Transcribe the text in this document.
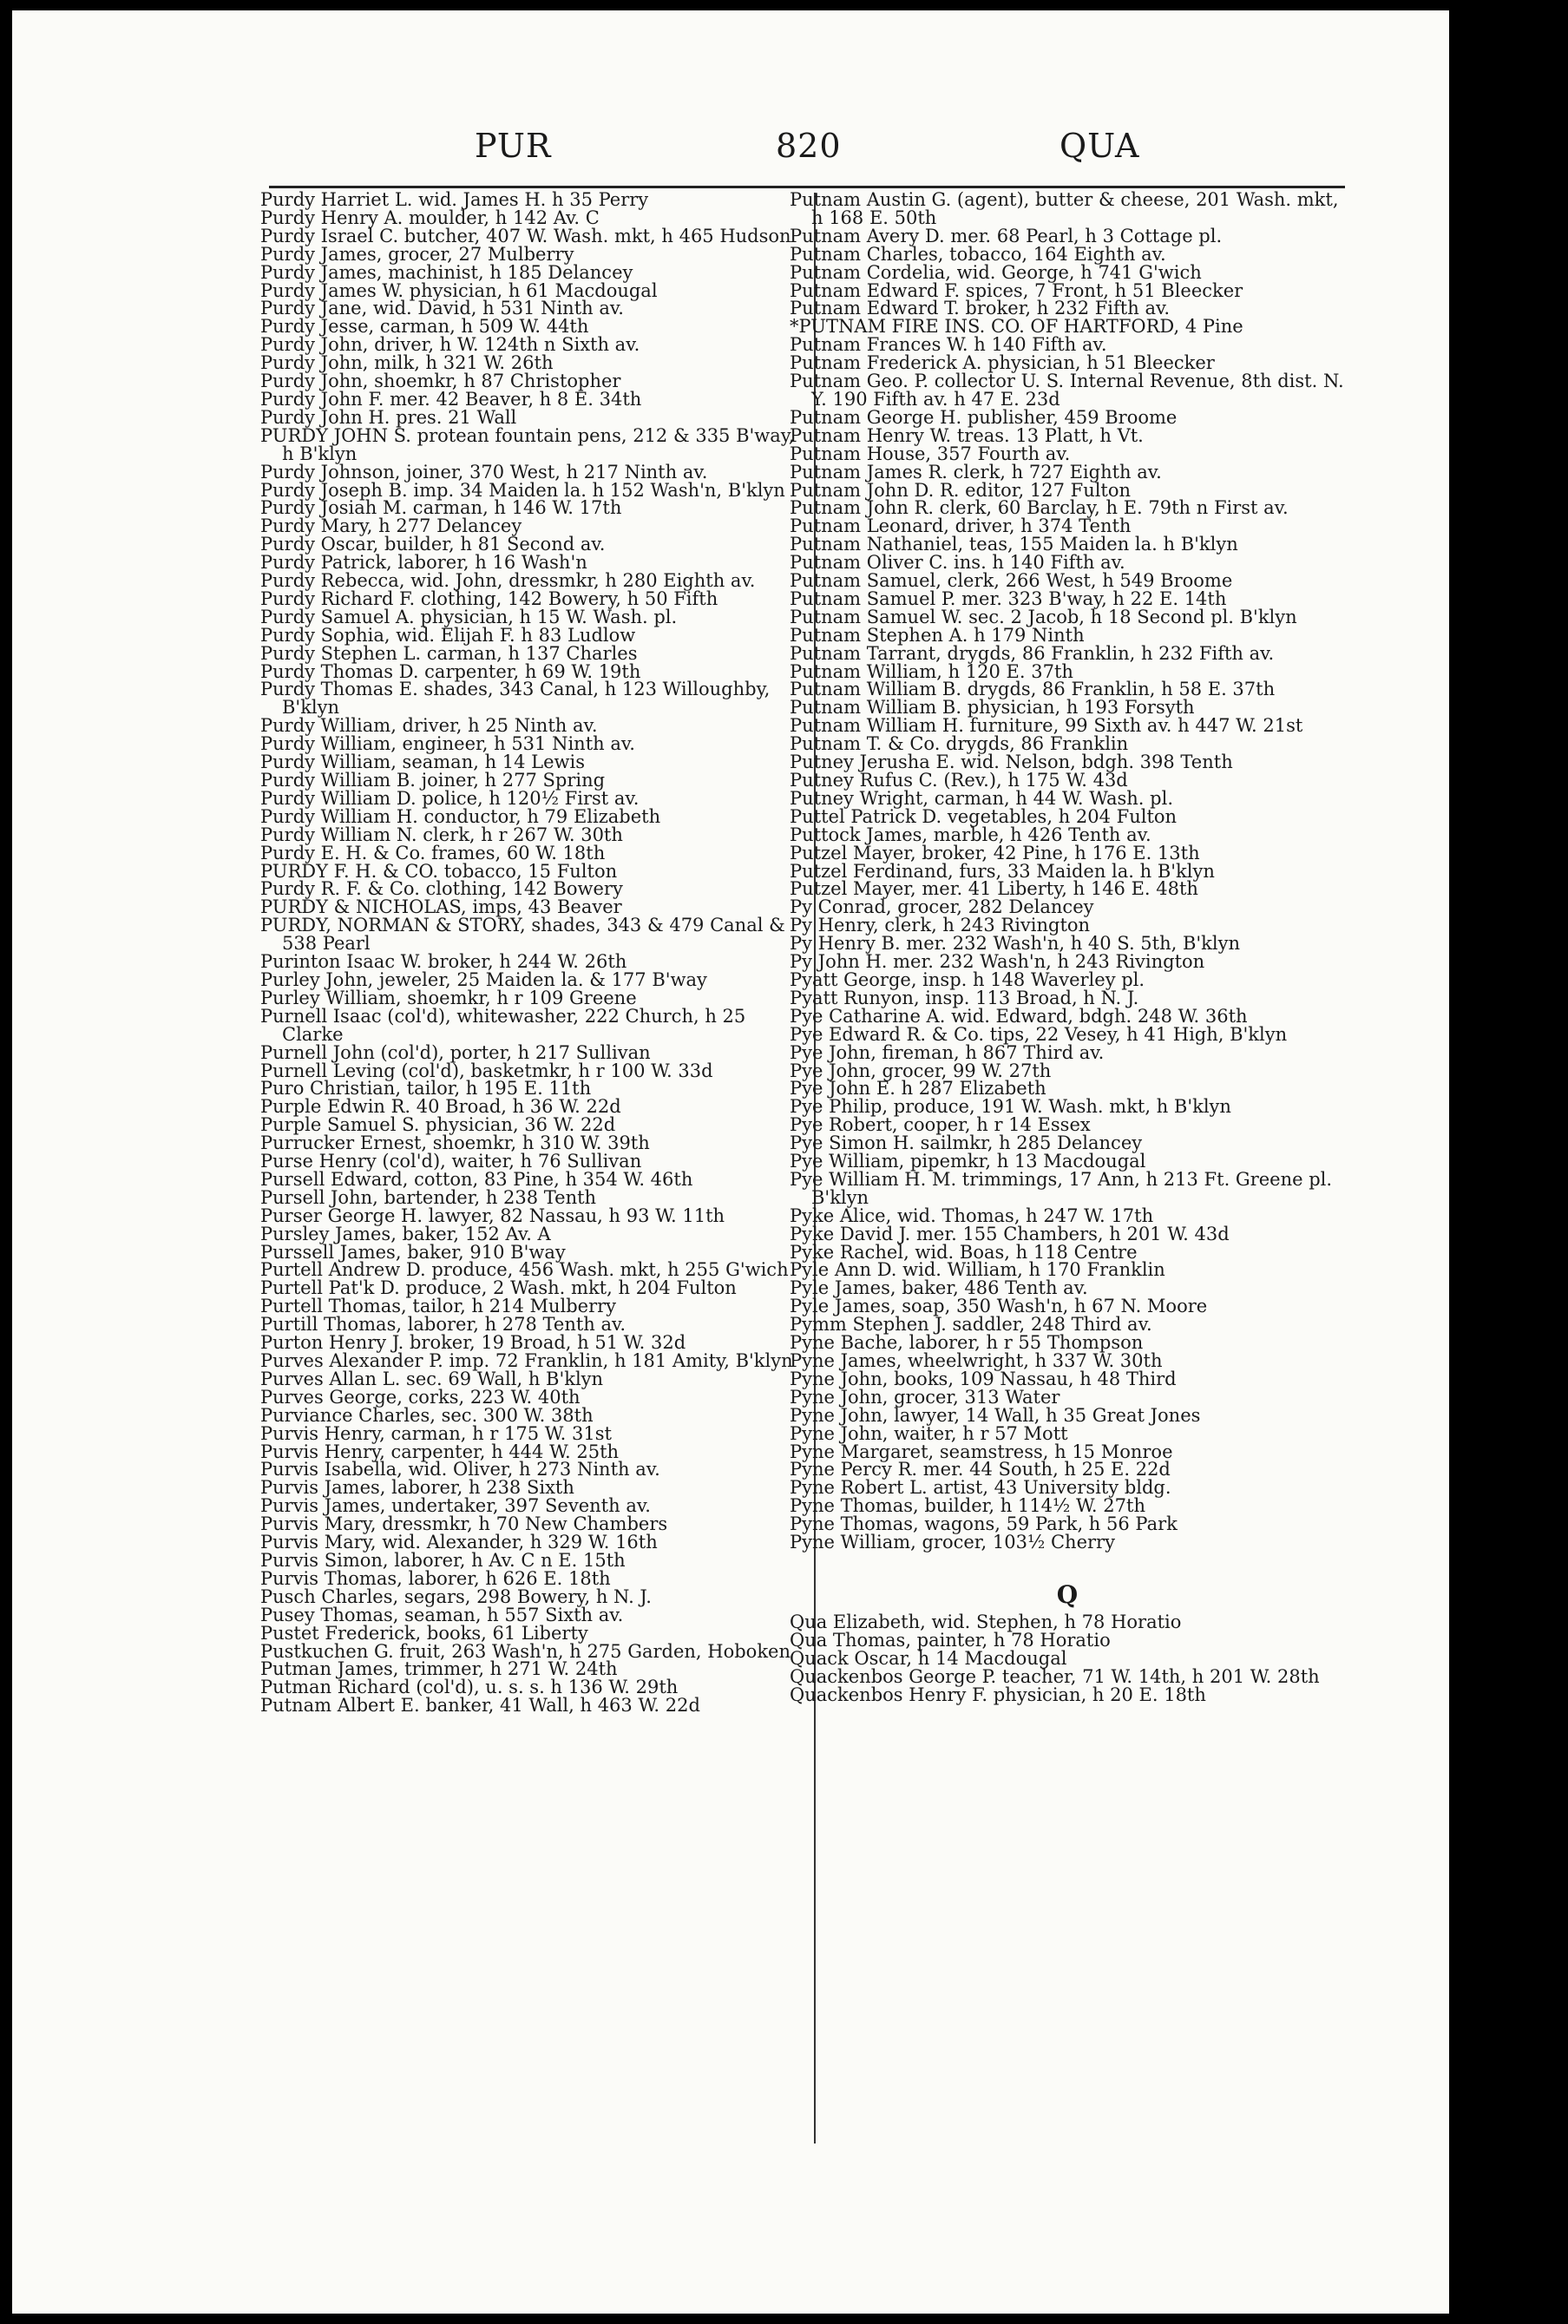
PUR	820	QUA

Purdy Harriet L. wid. James H. h 35 Perry

Purdy Henry A. moulder, h 142 Av. C

Purdy Israel C. butcher, 407 W. Wash. mkt, h 465 Hudson

Purdy James, grocer, 27 Mulberry

Purdy James, machinist, h 185 Delancey

Purdy James W. physician, h 61 Macdougal

Purdy Jane, wid. David, h 531 Ninth av.

Purdy Jesse, carman, h 509 W. 44th

Purdy John, driver, h W. 124th n Sixth av.

Purdy John, milk, h 321 W. 26th

Purdy John, shoemkr, h 87 Christopher

Purdy John F. mer. 42 Beaver, h 8 E. 34th

Purdy John H. pres. 21 Wall

PURDY JOHN S. protean fountain pens, 212 & 335 B'way, h B'klyn

Purdy Johnson, joiner, 370 West, h 217 Ninth av.

Purdy Joseph B. imp. 34 Maiden la. h 152 Wash'n, B'klyn

Purdy Josiah M. carman, h 146 W. 17th

Purdy Mary, h 277 Delancey

Purdy Oscar, builder, h 81 Second av.

Purdy Patrick, laborer, h 16 Wash'n

Purdy Rebecca, wid. John, dressmkr, h 280 Eighth av.

Purdy Richard F. clothing, 142 Bowery, h 50 Fifth

Purdy Samuel A. physician, h 15 W. Wash. pl.

Purdy Sophia, wid. Elijah F. h 83 Ludlow

Purdy Stephen L. carman, h 137 Charles

Purdy Thomas D. carpenter, h 69 W. 19th

Purdy Thomas E. shades, 343 Canal, h 123 Willoughby, B'klyn

Purdy William, driver, h 25 Ninth av.

Purdy William, engineer, h 531 Ninth av.

Purdy William, seaman, h 14 Lewis

Purdy William B. joiner, h 277 Spring

Purdy William D. police, h 120½ First av.

Purdy William H. conductor, h 79 Elizabeth

Purdy William N. clerk, h r 267 W. 30th

Purdy E. H. & Co. frames, 60 W. 18th

PURDY F. H. & CO. tobacco, 15 Fulton

Purdy R. F. & Co. clothing, 142 Bowery

PURDY & NICHOLAS, imps, 43 Beaver

PURDY, NORMAN & STORY, shades, 343 & 479 Canal & 538 Pearl

Purinton Isaac W. broker, h 244 W. 26th

Purley John, jeweler, 25 Maiden la. & 177 B'way

Purley William, shoemkr, h r 109 Greene

Purnell Isaac (col'd), whitewasher, 222 Church, h 25 Clarke

Purnell John (col'd), porter, h 217 Sullivan

Purnell Leving (col'd), basketmkr, h r 100 W. 33d

Puro Christian, tailor, h 195 E. 11th

Purple Edwin R. 40 Broad, h 36 W. 22d

Purple Samuel S. physician, 36 W. 22d

Purrucker Ernest, shoemkr, h 310 W. 39th

Purse Henry (col'd), waiter, h 76 Sullivan

Pursell Edward, cotton, 83 Pine, h 354 W. 46th

Pursell John, bartender, h 238 Tenth

Purser George H. lawyer, 82 Nassau, h 93 W. 11th

Pursley James, baker, 152 Av. A

Purssell James, baker, 910 B'way

Purtell Andrew D. produce, 456 Wash. mkt, h 255 G'wich

Purtell Pat'k D. produce, 2 Wash. mkt, h 204 Fulton

Purtell Thomas, tailor, h 214 Mulberry

Purtill Thomas, laborer, h 278 Tenth av.

Purton Henry J. broker, 19 Broad, h 51 W. 32d

Purves Alexander P. imp. 72 Franklin, h 181 Amity, B'klyn

Purves Allan L. sec. 69 Wall, h B'klyn

Purves George, corks, 223 W. 40th

Purviance Charles, sec. 300 W. 38th

Purvis Henry, carman, h r 175 W. 31st

Purvis Henry, carpenter, h 444 W. 25th

Purvis Isabella, wid. Oliver, h 273 Ninth av.

Purvis James, laborer, h 238 Sixth

Purvis James, undertaker, 397 Seventh av.

Purvis Mary, dressmkr, h 70 New Chambers

Purvis Mary, wid. Alexander, h 329 W. 16th

Purvis Simon, laborer, h Av. C n E. 15th

Purvis Thomas, laborer, h 626 E. 18th

Pusch Charles, segars, 298 Bowery, h N. J.

Pusey Thomas, seaman, h 557 Sixth av.

Pustet Frederick, books, 61 Liberty

Pustkuchen G. fruit, 263 Wash'n, h 275 Garden, Hoboken

Putman James, trimmer, h 271 W. 24th

Putman Richard (col'd), u. s. s. h 136 W. 29th

Putnam Albert E. banker, 41 Wall, h 463 W. 22d

Putnam Austin G. (agent), butter & cheese, 201 Wash. mkt, h 168 E. 50th

Putnam Avery D. mer. 68 Pearl, h 3 Cottage pl.

Putnam Charles, tobacco, 164 Eighth av.

Putnam Cordelia, wid. George, h 741 G'wich

Putnam Edward F. spices, 7 Front, h 51 Bleecker

Putnam Edward T. broker, h 232 Fifth av.

*PUTNAM FIRE INS. CO. OF HARTFORD, 4 Pine

Putnam Frances W. h 140 Fifth av.

Putnam Frederick A. physician, h 51 Bleecker

Putnam Geo. P. collector U. S. Internal Revenue, 8th dist. N. Y. 190 Fifth av. h 47 E. 23d

Putnam George H. publisher, 459 Broome

Putnam Henry W. treas. 13 Platt, h Vt.

Putnam House, 357 Fourth av.

Putnam James R. clerk, h 727 Eighth av.

Putnam John D. R. editor, 127 Fulton

Putnam John R. clerk, 60 Barclay, h E. 79th n First av.

Putnam Leonard, driver, h 374 Tenth

Putnam Nathaniel, teas, 155 Maiden la. h B'klyn

Putnam Oliver C. ins. h 140 Fifth av.

Putnam Samuel, clerk, 266 West, h 549 Broome

Putnam Samuel P. mer. 323 B'way, h 22 E. 14th

Putnam Samuel W. sec. 2 Jacob, h 18 Second pl. B'klyn

Putnam Stephen A. h 179 Ninth

Putnam Tarrant, drygds, 86 Franklin, h 232 Fifth av.

Putnam William, h 120 E. 37th

Putnam William B. drygds, 86 Franklin, h 58 E. 37th

Putnam William B. physician, h 193 Forsyth

Putnam William H. furniture, 99 Sixth av. h 447 W. 21st

Putnam T. & Co. drygds, 86 Franklin

Putney Jerusha E. wid. Nelson, bdgh. 398 Tenth

Putney Rufus C. (Rev.), h 175 W. 43d

Putney Wright, carman, h 44 W. Wash. pl.

Puttel Patrick D. vegetables, h 204 Fulton

Puttock James, marble, h 426 Tenth av.

Putzel Mayer, broker, 42 Pine, h 176 E. 13th

Putzel Ferdinand, furs, 33 Maiden la. h B'klyn

Putzel Mayer, mer. 41 Liberty, h 146 E. 48th

Py Conrad, grocer, 282 Delancey

Py Henry, clerk, h 243 Rivington

Py Henry B. mer. 232 Wash'n, h 40 S. 5th, B'klyn

Py John H. mer. 232 Wash'n, h 243 Rivington

Pyatt George, insp. h 148 Waverley pl.

Pyatt Runyon, insp. 113 Broad, h N. J.

Pye Catharine A. wid. Edward, bdgh. 248 W. 36th

Pye Edward R. & Co. tips, 22 Vesey, h 41 High, B'klyn

Pye John, fireman, h 867 Third av.

Pye John, grocer, 99 W. 27th

Pye John E. h 287 Elizabeth

Pye Philip, produce, 191 W. Wash. mkt, h B'klyn

Pye Robert, cooper, h r 14 Essex

Pye Simon H. sailmkr, h 285 Delancey

Pye William, pipemkr, h 13 Macdougal

Pye William H. M. trimmings, 17 Ann, h 213 Ft. Greene pl. B'klyn

Pyke Alice, wid. Thomas, h 247 W. 17th

Pyke David J. mer. 155 Chambers, h 201 W. 43d

Pyke Rachel, wid. Boas, h 118 Centre

Pyle Ann D. wid. William, h 170 Franklin

Pyle James, baker, 486 Tenth av.

Pyle James, soap, 350 Wash'n, h 67 N. Moore

Pymm Stephen J. saddler, 248 Third av.

Pyne Bache, laborer, h r 55 Thompson

Pyne James, wheelwright, h 337 W. 30th

Pyne John, books, 109 Nassau, h 48 Third

Pyne John, grocer, 313 Water

Pyne John, lawyer, 14 Wall, h 35 Great Jones

Pyne John, waiter, h r 57 Mott

Pyne Margaret, seamstress, h 15 Monroe

Pyne Percy R. mer. 44 South, h 25 E. 22d

Pyne Robert L. artist, 43 University bldg.

Pyne Thomas, builder, h 114½ W. 27th

Pyne Thomas, wagons, 59 Park, h 56 Park

Pyne William, grocer, 103½ Cherry

Q

Qua Elizabeth, wid. Stephen, h 78 Horatio

Qua Thomas, painter, h 78 Horatio

Quack Oscar, h 14 Macdougal

Quackenbos George P. teacher, 71 W. 14th, h 201 W. 28th

Quackenbos Henry F. physician, h 20 E. 18th
